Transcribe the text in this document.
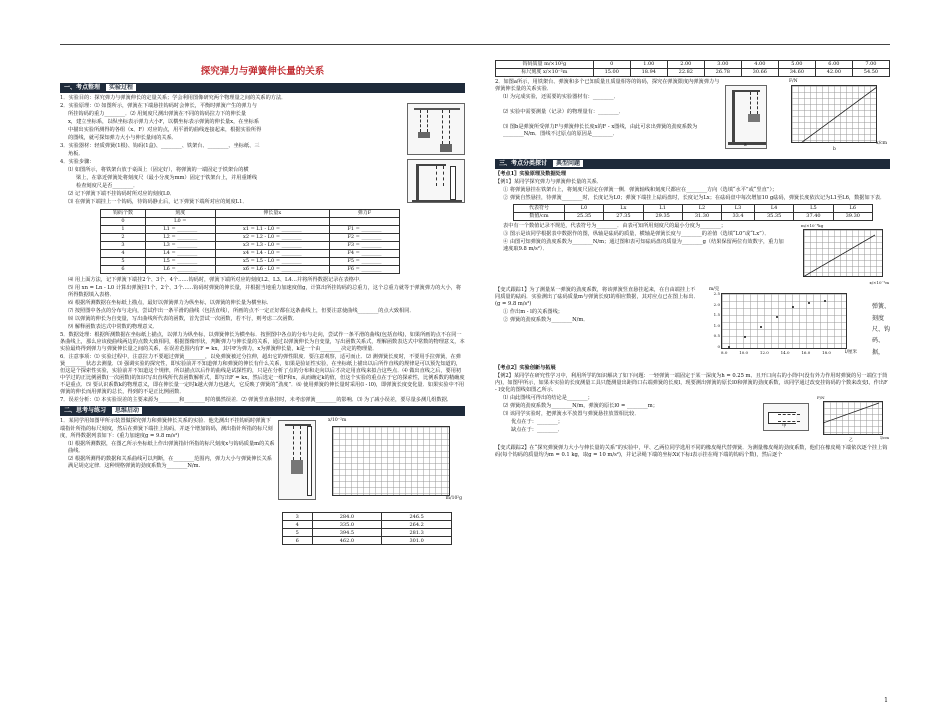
探究弹力与弹簧伸长量的关系
一、考点整理 实验过程

1．实验目的：探究弹力与弹簧伸长的定量关系；学会利用图像研究两个物理量之间的关系的方法．

2．实验原理：⑴ 如图所示，弹簧在下端悬挂钩码时会伸长，平衡时弹簧产生的弹力与

所挂钩码的重力________．⑵ 用刻度尺测出弹簧在不同的钩码拉力下的伸长量

x，建立坐标系，以纵坐标表示弹力大小F，以横坐标表示弹簧的伸长量x，在坐标系

中描出实验所测得的各组（x、F）对应的点，用平滑的曲线连接起来，根据实验所得

的图线，就可探知弹力大小与伸长量间的关系．

3．实验器材：轻质弹簧(1根)、钩码(1盒)、________、铁架台、________、坐标纸、三

角板．

4．实验步骤：

⑴ 如图所示，将铁架台放于桌面上（固定好），将弹簧的一端固定于铁架台的横

梁上，在靠近弹簧处将刻度尺（最小分度为mm）固定于铁架台上，并用重锤线

检查刻度尺是否________．

⑵ 记下弹簧下端不挂钩码时所对应的刻度L0．

⑶ 在弹簧下端挂上一个钩码，待钩码静止后，记下弹簧下端所对应的刻度L1．

钩码个数	刻度	伸长量x	弹力F
0	L0 =		
1	L1 = ________	x1 = L1 - L0 = ________	F1 = ________
2	L2 = ________	x2 = L2 - L0 = ________	F2 = ________
3	L3 = ________	x3 = L3 - L0 = ________	F3 = ________
4	L4 = ________	x4 = L4 - L0 = ________	F4 = ________
5	L5 = ________	x5 = L5 - L0 = ________	F5 = ________
6	L6 = ________	x6 = L6 - L0 = ________	F6 = ________

⑷ 用上面方法，记下弹簧下端挂2个、3个、4个……钩码时，弹簧下端所对应的刻度L2、L3、L4…并将所得数据记录在表格中．

⑸ 用 xn = Ln - L0 计算出弹簧挂1个、2个、3个……钩码时弹簧的伸长量，并根据当地重力加速度值g，计算出所挂钩码的总重力，这个总重力就等于弹簧弹力的大小，将所得数据填入表格．

⑹ 根据所测数据在坐标纸上描点，最好以弹簧弹力为纵坐标，以弹簧的伸长量为横坐标．

⑺ 按照图中各点的分布与走向，尝试作出一条平滑的曲线（包括直线），所画的点不一定正好都在这条曲线上，但要注意使曲线________的点大致相同．

⑻ 以弹簧的伸长为自变量，写出曲线所代表的函数，首先尝试一次函数，若不行，则考虑二次函数．

⑼ 解释函数表达式中常数的物理意义．

5．数据处理：根据所测数据在坐标纸上描点，以弹力为纵坐标，以弹簧伸长为横坐标．按照图中各点的分布与走向，尝试作一条平滑的曲线(包括直线)，如果所画的点不在同一条曲线上，那么应该使曲线两边的点数大致相同，根据图像形状，判断弹力与伸长量的关系，通过以弹簧伸长为自变量，写出函数关系式，理解函数表达式中常数的物理意义，本实验最终得到弹力与弹簧伸长量之间的关系，在误差范围内有F = kx，其中F为弹力，x为弹簧伸长量，k是一个由________决定的物理量．

6．注意事项：⑴ 实验过程中，注意拉力不要超过弹簧________，以免弹簧被过分拉伸，超出它的弹性限度．要注意观察，适可而止．⑵ 测弹簧长度时，不要用手拉弹簧，在弹簧________状态去测量．⑶ 强调实验的探究性，即实验前并不知道弹力和弹簧的伸长有什么关系，如果是验证性实验，在坐标纸上描出以后所作直线的规律是可以预先知道的，但这是个探索性实验，实验前并不知道这个规律，所以描点以后作的曲线是试探性的，只是在分析了点的分布和走向以后才决定用直线来拟合这些点．⑷ 做出直线之后，要用初中学过的正比例函数(一次函数)的知识写出直线所代表函数解析式，即写出F = kx，然后选定一组F和x，从而确定k的值，但这个实验的重点在于它的探索性，比例系数的精确度不是重点．⑸ 要认识系数k的物理意义，即在伸长量一定时k越大弹力也越大，它反映了弹簧的“劲度”．⑹ 使用弹簧的伸长量时采用(l - l0)，即弹簧长度变化量．如果实验中不用弹簧的伸长而用弹簧的总长，得到的不是正比例函数．

7．误差分析：⑴ 本实验误差的主要来源为________和________时的偶然误差．⑵ 弹簧竖直悬挂时，未考虑弹簧________的影响．⑶ 为了减小误差，要尽量多测几组数据．

二、思考与练习 思维启动

1．某同学用如图甲所示装置做探究弹力和弹簧伸长关系的实验．他先测出不挂钩码时弹簧下端指针所指的标尺刻度，然后在弹簧下端挂上钩码，并逐个增加钩码，测出指针所指的标尺刻度，所得数据列表如下：(重力加速度g = 9.8 m/s²)

⑴ 根据所测数据，在图乙所示坐标纸上作出弹簧指针所指的标尺刻度x与钩码质量m的关系曲线．

⑵ 根据所测得的数据和关系曲线可以判断，在________范围内，弹力大小与弹簧伸长关系满足胡克定律．这种规格弹簧的劲度系数为________N/m.

x/10⁻²m
m/10²g
3	284.0	246.5
4	335.0	264.2
5	394.5	281.3
6	462.0	301.0
钩码质量 m/×10²g	0	1.00	2.00	3.00	4.00	5.00	6.00	7.00
标尺刻度 x/×10⁻²m	15.00	18.94	22.82	26.78	30.66	34.60	42.00	54.50

2．如图a所示，用铁架台、弹簧和多个已知质量且质量相等的钩码，探究在弹簧限度内弹簧弹力与弹簧伸长量的关系实验．

⑴ 为完成实验，还需要的实验器材有：________．

⑵ 实验中需要测量（记录）的物理量有：________．

⑶ 图b是弹簧所受弹力F与弹簧伸长长度x的F - x图线，由此可求出弹簧的劲度系数为________N/m．图线不过原点的原因是________．

a
F/N
x/cm
b
三、考点分类探讨 典型问题

〖考点1〗实验原理及数据处理

【例1】某同学探究弹力与弹簧伸长量的关系．

① 将弹簧悬挂在铁架台上，将刻度尺固定在弹簧一侧．弹簧轴线和刻度尺都应在________方向（选填“水平”或“竖直”）；

② 弹簧自然悬挂，待弹簧________时，长度记为L0；弹簧下端挂上砝码盘时，长度记为Lx；在砝码盘中每次增加10 g砝码，弹簧长度依次记为L1至L6，数据如下表．

代表符号	L0	Lx	L1	L2	L3	L4	L5	L6
数值/cm	25.35	27.35	29.35	31.30	33.4	35.35	37.40	39.30

表中有一个数值记录不规范，代表符号为________．由表可知所用刻度尺的最小分度为________；

③ 图示是该同学根据表中数据作的图，纵轴是砝码的质量，横轴是弹簧长度与________的差值（选填“L0”或“Lx”）．

④ 由图可知弹簧的劲度系数为________N/m；通过图和表可知砝码盘的质量为________g（结果保留两位有效数字，重力加速度取9.8 m/s²）．

m/×10⁻³kg
x/×10⁻²m

【变式跟踪1】为了测量某一弹簧的劲度系数，将该弹簧竖直悬挂起来，在自由端挂上不同质量的砝码．实验测出了砝码质量m与弹簧长度l的相应数据，其对应点已在图上标出．(g = 9.8 m/s²)

① 作出m - l的关系图线；

② 弹簧的劲度系数为________N/m．

m/克
2.5
2.0
1.5
1.0
0.5
0
8.0	10.0	12.0	14.0	16.0	18.0	l/厘米
弹簧、刻度尺、钩码、据，

〖考点2〗实验创新与拓展

【例2】某同学在研究性学习中，利用所学的知识解决了如下问题：一轻弹簧一端固定于某一深度为h = 0.25 m、且开口向右的小筒中(没有外力作用时弹簧的另一端位于筒内)，如图甲所示，如果本实验的长度测量工具只能测量出距筒口右端弹簧的长度l，现要测出弹簧的原长l0和弹簧的劲度系数，该同学通过改变挂钩码的个数来改变l，作出F - l变化的图线如图乙所示．

⑴ 由此图线可得出的结论是________；

⑵ 弹簧的劲度系数为________N/m，弹簧的原长l0 = ________m；

⑶ 该同学实验时，把弹簧水平放置与弹簧悬挂放置相比较．

优点在于：________；

缺点在于：________．

甲
F/N
l/cm
乙

【变式跟踪2】在“探究弹簧弹力大小与伸长量的关系”的实验中，甲、乙两位同学选用不同的橡皮绳代替弹簧．为测量橡皮绳的劲度系数，他们在橡皮绳下端依次逐个挂上钩码(每个钩码的质量均为m = 0.1 kg，取g = 10 m/s²)，并记录绳下端的坐标Xi(下标i表示挂在绳下端的钩码个数)，然后逐个

1
